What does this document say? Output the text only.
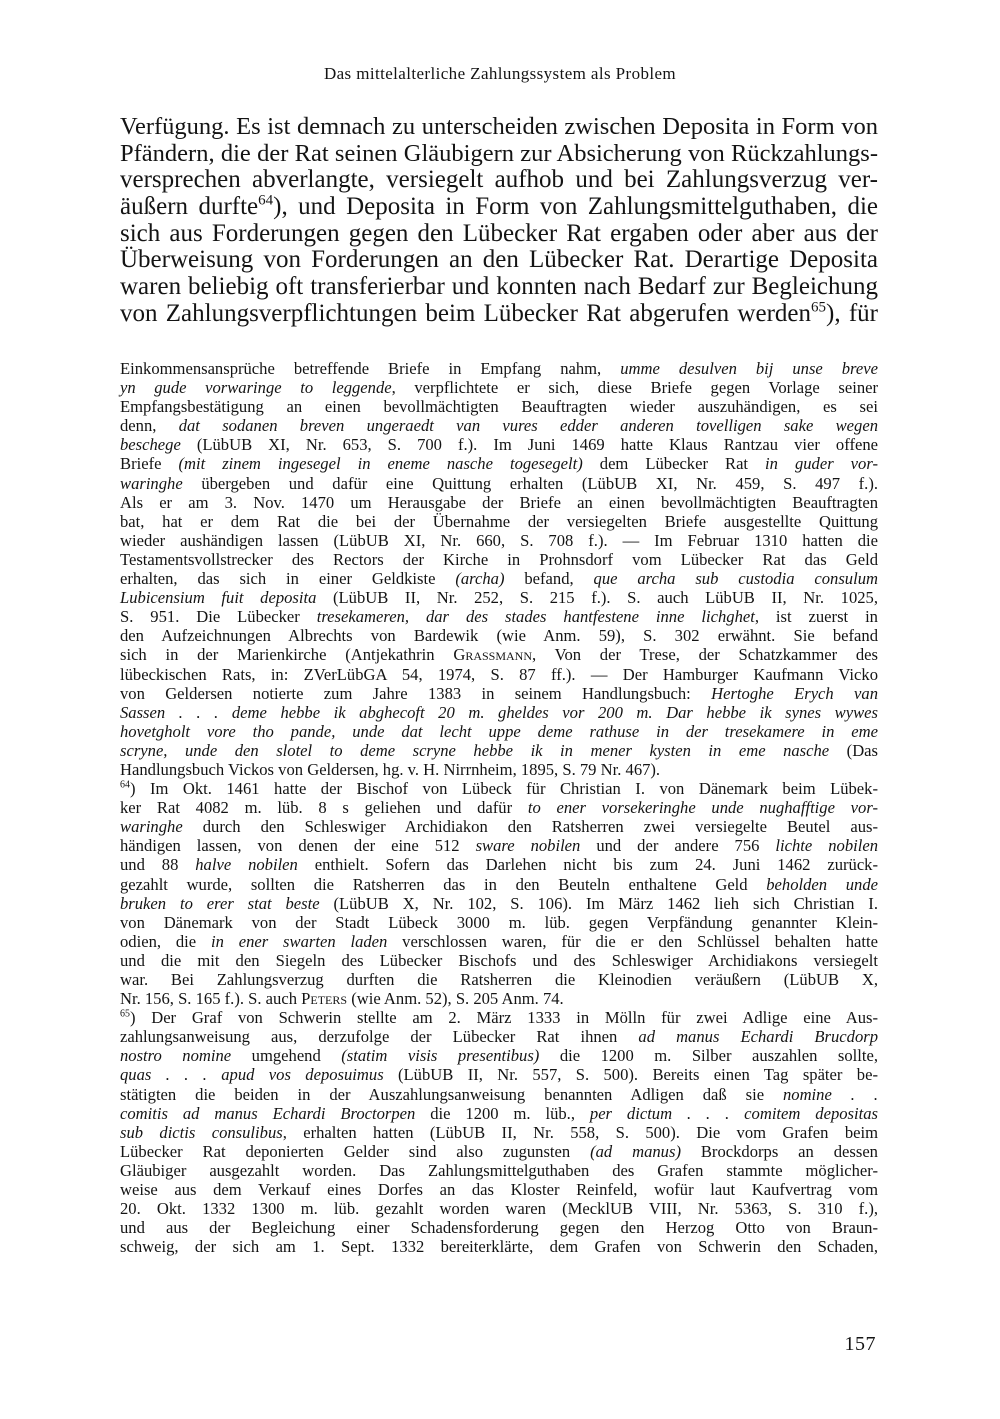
Das mittelalterliche Zahlungssystem als Problem
Verfügung. Es ist demnach zu unterscheiden zwischen Deposita in Form von
Pfändern, die der Rat seinen Gläubigern zur Absicherung von Rückzahlungs-
versprechen abverlangte, versiegelt aufhob und bei Zahlungsverzug ver-
äußern durfte$^{64}$), und Deposita in Form von Zahlungsmittelguthaben, die
sich aus Forderungen gegen den Lübecker Rat ergaben oder aber aus der
Überweisung von Forderungen an den Lübecker Rat. Derartige Deposita
waren beliebig oft transferierbar und konnten nach Bedarf zur Begleichung
von Zahlungsverpflichtungen beim Lübecker Rat abgerufen werden$^{65}$), für
Einkommensansprüche betreffende Briefe in Empfang nahm, umme desulven bij unse breve
yn gude vorwaringe to leggende, verpflichtete er sich, diese Briefe gegen Vorlage seiner
Empfangsbestätigung an einen bevollmächtigten Beauftragten wieder auszuhändigen, es sei
denn, dat sodanen breven ungeraedt van vures edder anderen tovelligen sake wegen
beschege (LübUB XI, Nr. 653, S. 700 f.). Im Juni 1469 hatte Klaus Rantzau vier offene
Briefe (mit zinem ingesegel in eneme nasche togesegelt) dem Lübecker Rat in guder vor-
waringhe übergeben und dafür eine Quittung erhalten (LübUB XI, Nr. 459, S. 497 f.).
Als er am 3. Nov. 1470 um Herausgabe der Briefe an einen bevollmächtigten Beauftragten
bat, hat er dem Rat die bei der Übernahme der versiegelten Briefe ausgestellte Quittung
wieder aushändigen lassen (LübUB XI, Nr. 660, S. 708 f.). — Im Februar 1310 hatten die
Testamentsvollstrecker des Rectors der Kirche in Prohnsdorf vom Lübecker Rat das Geld
erhalten, das sich in einer Geldkiste (archa) befand, que archa sub custodia consulum
Lubicensium fuit deposita (LübUB II, Nr. 252, S. 215 f.). S. auch LübUB II, Nr. 1025,
S. 951. Die Lübecker tresekameren, dar des stades hantfestene inne lichghet, ist zuerst in
den Aufzeichnungen Albrechts von Bardewik (wie Anm. 59), S. 302 erwähnt. Sie befand
sich in der Marienkirche (Antjekathrin Grassmann, Von der Trese, der Schatzkammer des
lübeckischen Rats, in: ZVerLübGA 54, 1974, S. 87 ff.). — Der Hamburger Kaufmann Vicko
von Geldersen notierte zum Jahre 1383 in seinem Handlungsbuch: Hertoghe Erych van
Sassen . . . deme hebbe ik abghecoft 20 m. gheldes vor 200 m. Dar hebbe ik synes wywes
hovetgholt vore tho pande, unde dat lecht uppe deme rathuse in der tresekamere in eme
scryne, unde den slotel to deme scryne hebbe ik in mener kysten in eme nasche (Das
Handlungsbuch Vickos von Geldersen, hg. v. H. Nirrnheim, 1895, S. 79 Nr. 467).
$^{64}$) Im Okt. 1461 hatte der Bischof von Lübeck für Christian I. von Dänemark beim Lübek-
ker Rat 4082 m. lüb. 8 s geliehen und dafür to ener vorsekeringhe unde nughafftige vor-
waringhe durch den Schleswiger Archidiakon den Ratsherren zwei versiegelte Beutel aus-
händigen lassen, von denen der eine 512 sware nobilen und der andere 756 lichte nobilen
und 88 halve nobilen enthielt. Sofern das Darlehen nicht bis zum 24. Juni 1462 zurück-
gezahlt wurde, sollten die Ratsherren das in den Beuteln enthaltene Geld beholden unde
bruken to erer stat beste (LübUB X, Nr. 102, S. 106). Im März 1462 lieh sich Christian I.
von Dänemark von der Stadt Lübeck 3000 m. lüb. gegen Verpfändung genannter Klein-
odien, die in ener swarten laden verschlossen waren, für die er den Schlüssel behalten hatte
und die mit den Siegeln des Lübecker Bischofs und des Schleswiger Archidiakons versiegelt
war. Bei Zahlungsverzug durften die Ratsherren die Kleinodien veräußern (LübUB X,
Nr. 156, S. 165 f.). S. auch Peters (wie Anm. 52), S. 205 Anm. 74.
$^{65}$) Der Graf von Schwerin stellte am 2. März 1333 in Mölln für zwei Adlige eine Aus-
zahlungsanweisung aus, derzufolge der Lübecker Rat ihnen ad manus Echardi Brucdorp
nostro nomine umgehend (statim visis presentibus) die 1200 m. Silber auszahlen sollte,
quas . . . apud vos deposuimus (LübUB II, Nr. 557, S. 500). Bereits einen Tag später be-
stätigten die beiden in der Auszahlungsanweisung benannten Adligen daß sie nomine . .
comitis ad manus Echardi Broctorpen die 1200 m. lüb., per dictum . . . comitem depositas
sub dictis consulibus, erhalten hatten (LübUB II, Nr. 558, S. 500). Die vom Grafen beim
Lübecker Rat deponierten Gelder sind also zugunsten (ad manus) Brockdorps an dessen
Gläubiger ausgezahlt worden. Das Zahlungsmittelguthaben des Grafen stammte möglicher-
weise aus dem Verkauf eines Dorfes an das Kloster Reinfeld, wofür laut Kaufvertrag vom
20. Okt. 1332 1300 m. lüb. gezahlt worden waren (MecklUB VIII, Nr. 5363, S. 310 f.),
und aus der Begleichung einer Schadensforderung gegen den Herzog Otto von Braun-
schweig, der sich am 1. Sept. 1332 bereiterklärte, dem Grafen von Schwerin den Schaden,
157
